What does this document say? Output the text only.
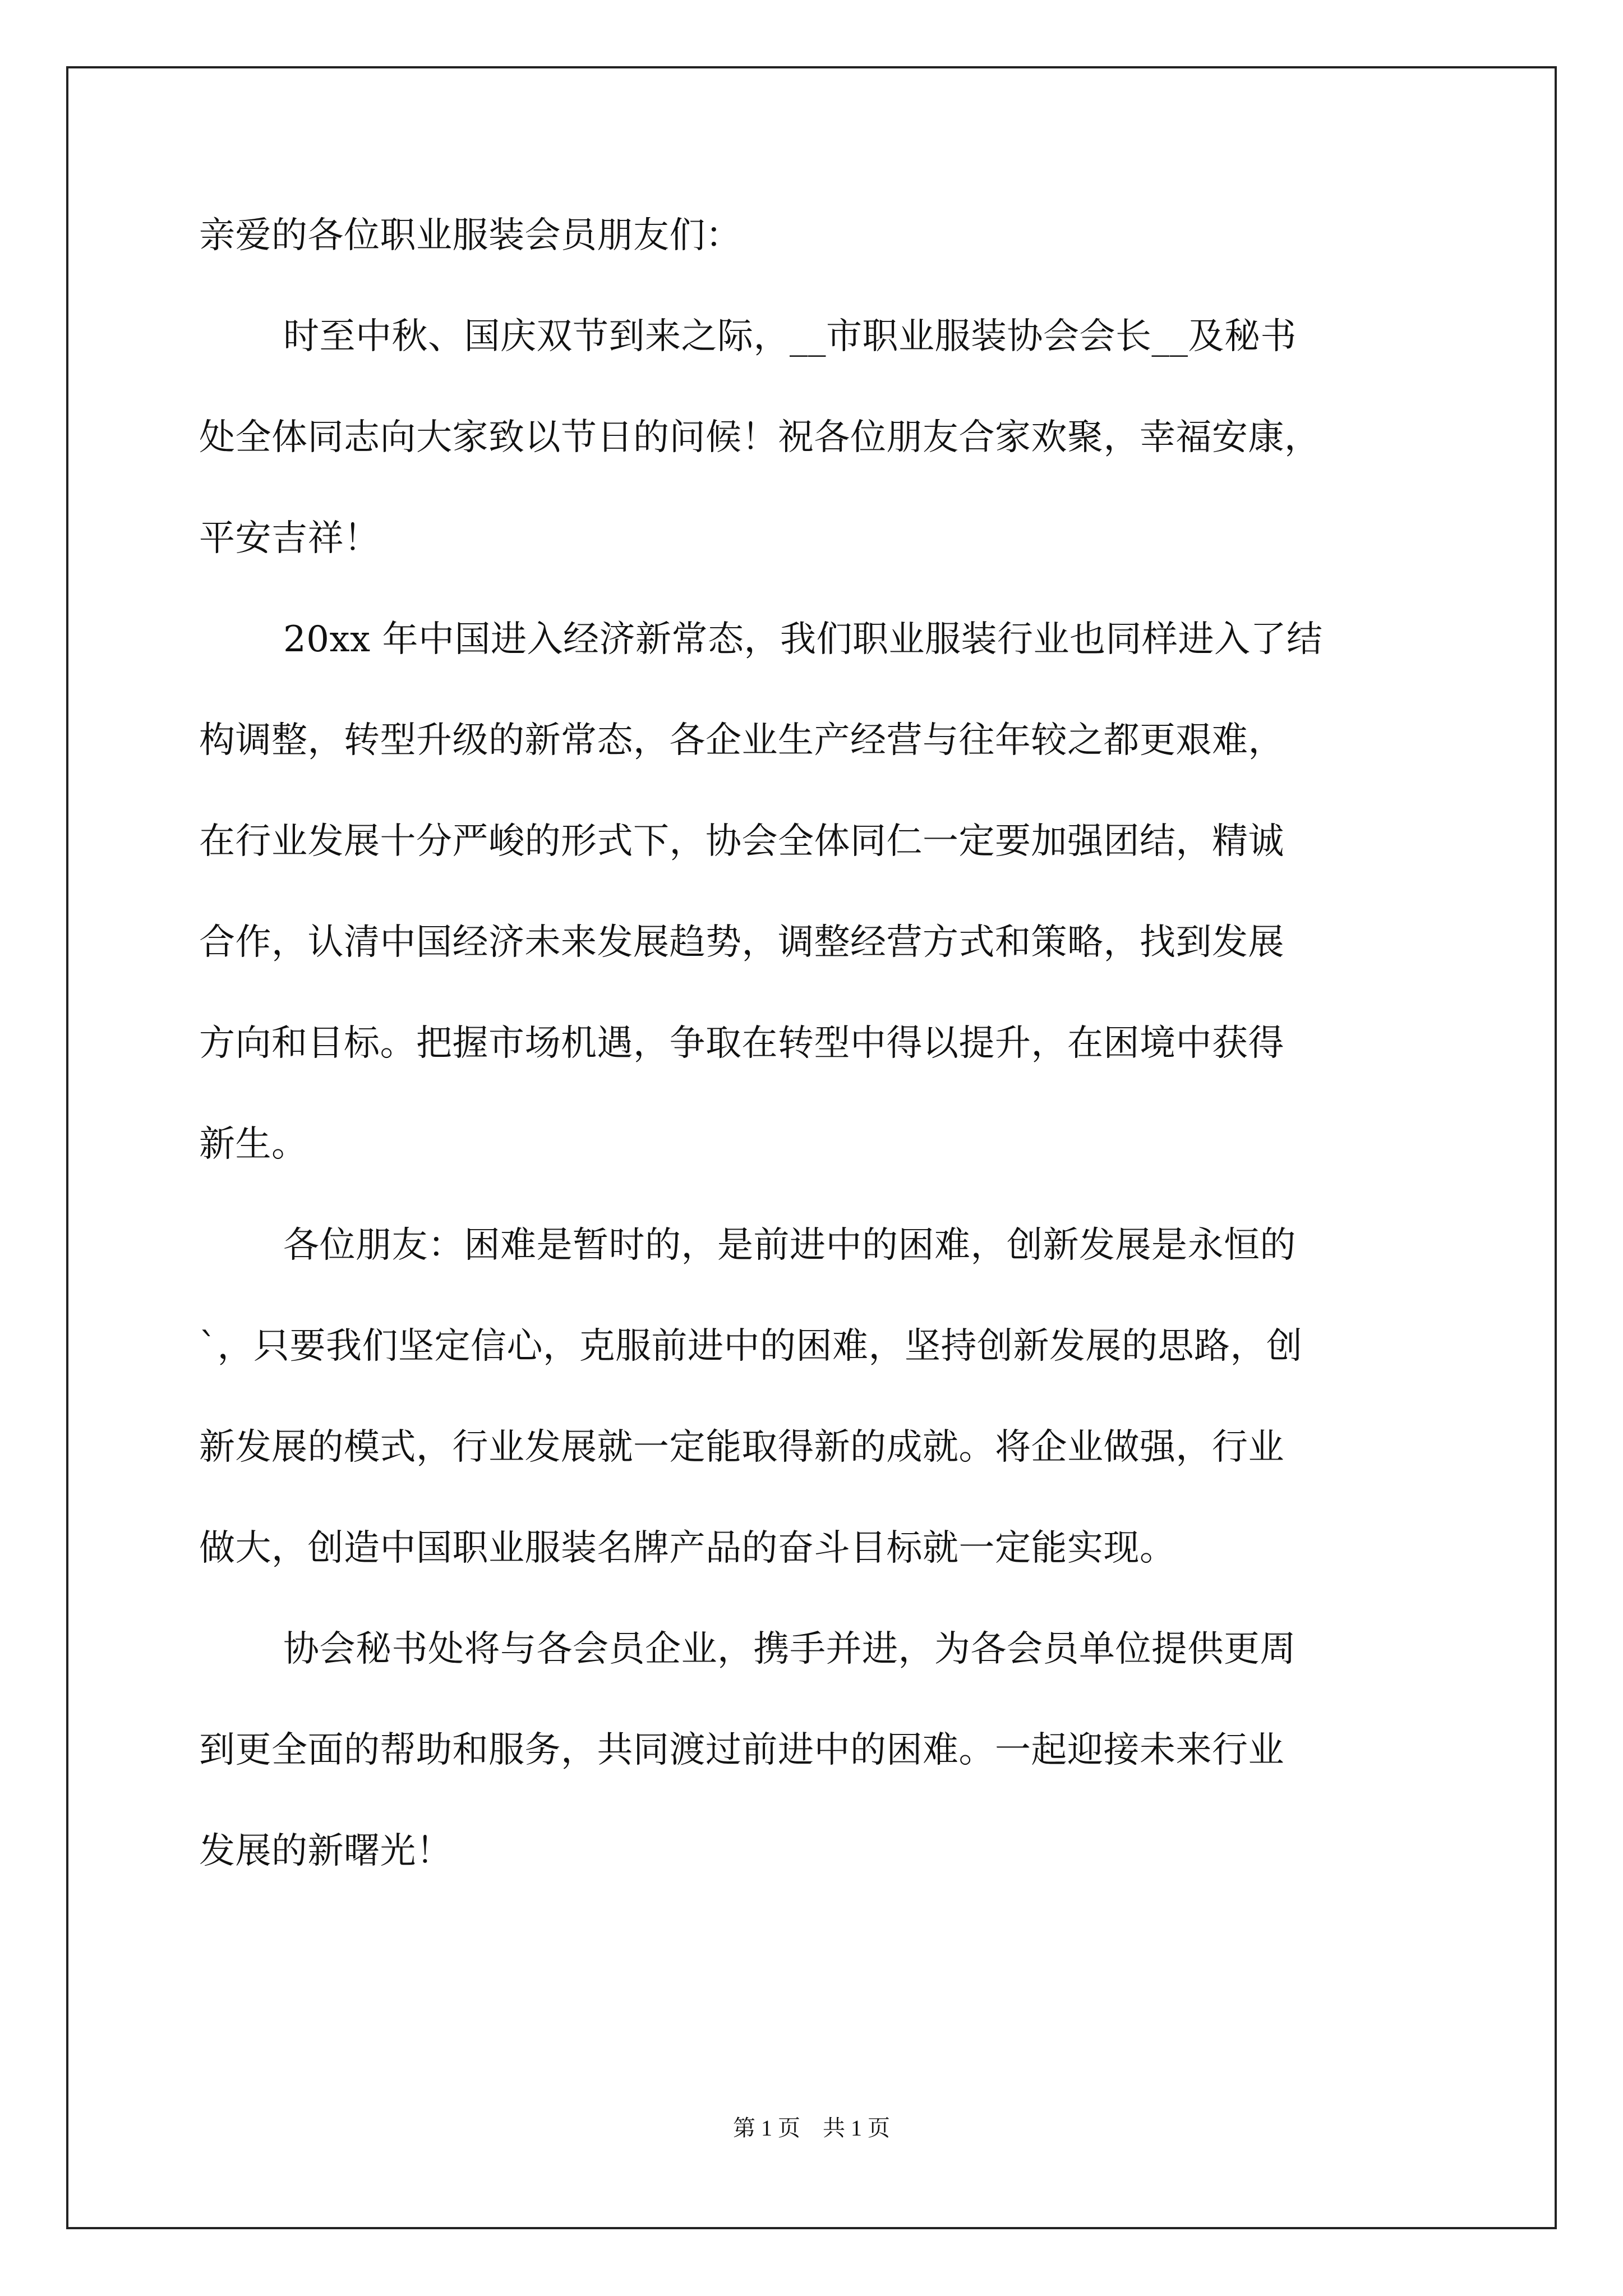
亲爱的各位职业服装会员朋友们：
时至中秋、国庆双节到来之际，__市职业服装协会会长__及秘书
处全体同志向大家致以节日的问候！祝各位朋友合家欢聚，幸福安康，
平安吉祥！
20xx 年中国进入经济新常态，我们职业服装行业也同样进入了结
构调整，转型升级的新常态，各企业生产经营与往年较之都更艰难，
在行业发展十分严峻的形式下，协会全体同仁一定要加强团结，精诚
合作，认清中国经济未来发展趋势，调整经营方式和策略，找到发展
方向和目标。把握市场机遇，争取在转型中得以提升，在困境中获得
新生。
各位朋友：困难是暂时的，是前进中的困难，创新发展是永恒的
`，只要我们坚定信心，克服前进中的困难，坚持创新发展的思路，创
新发展的模式，行业发展就一定能取得新的成就。将企业做强，行业
做大，创造中国职业服装名牌产品的奋斗目标就一定能实现。
协会秘书处将与各会员企业，携手并进，为各会员单位提供更周
到更全面的帮助和服务，共同渡过前进中的困难。一起迎接未来行业
发展的新曙光！
第 1 页 共 1 页
